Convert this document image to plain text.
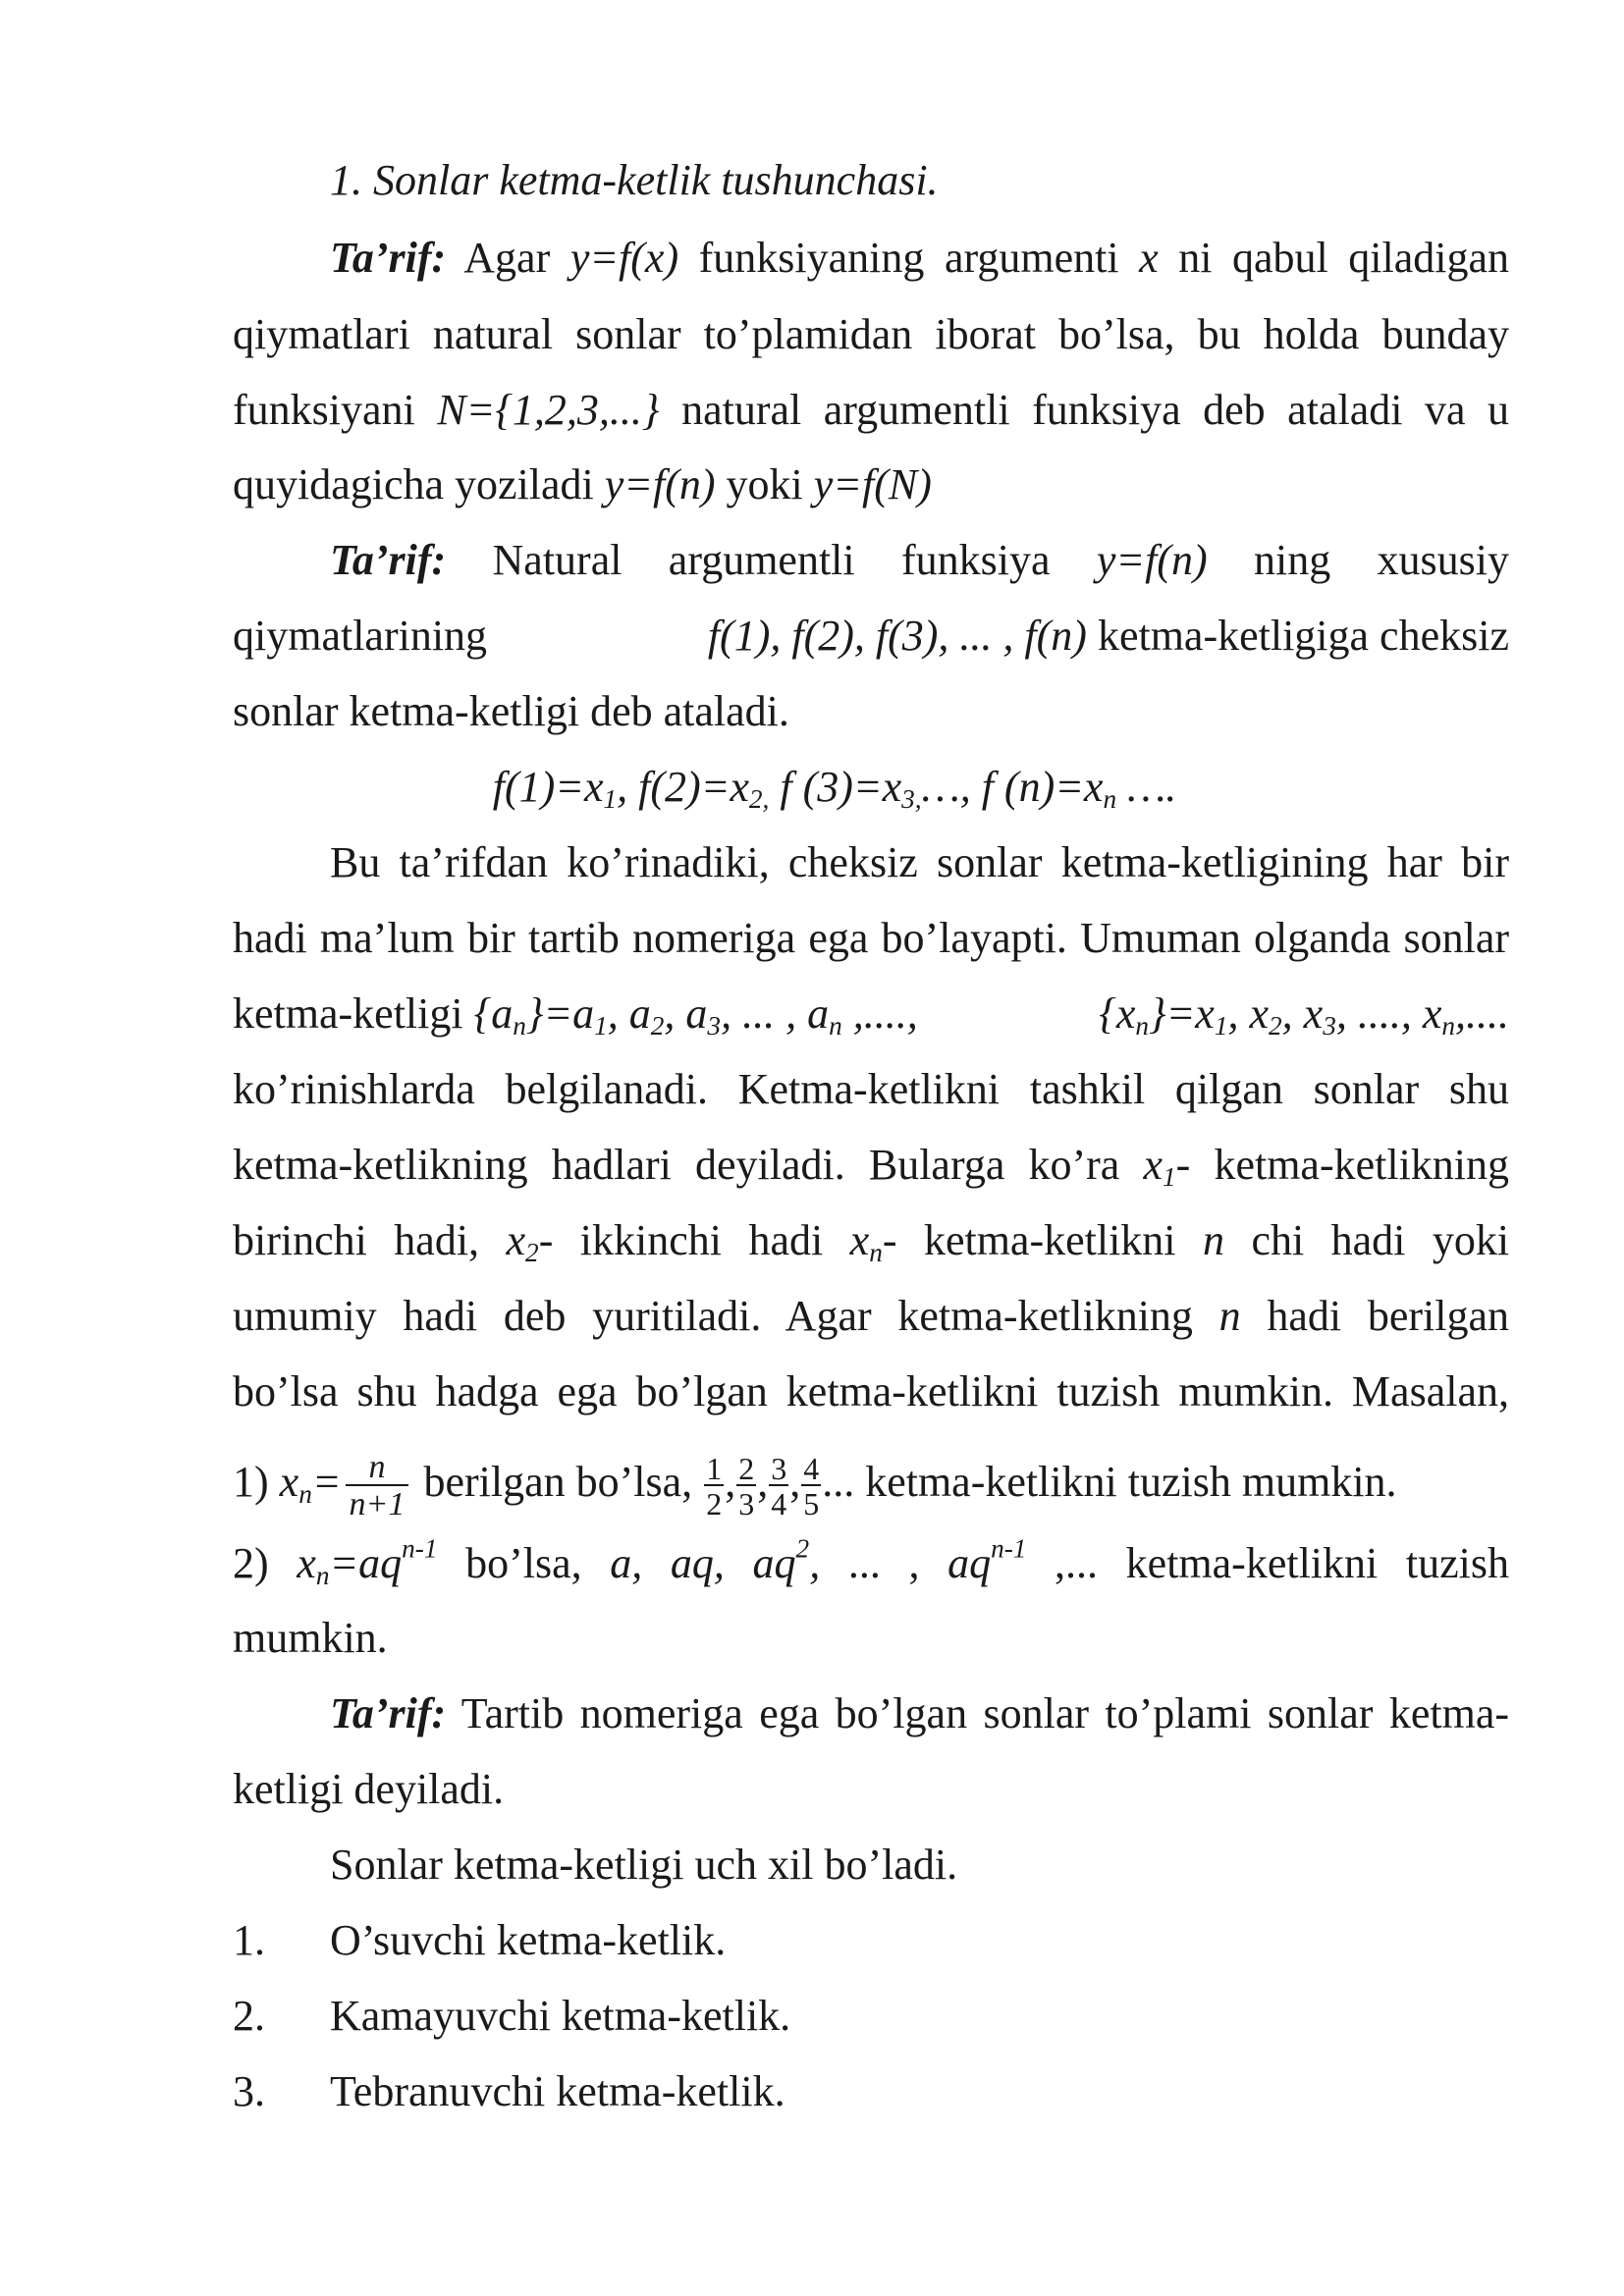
1. Sonlar ketma-ketlik tushunchasi.
Ta’rif: Agar y=f(x) funksiyaning argumenti x ni qabul qiladigan
qiymatlari natural sonlar to’plamidan iborat bo’lsa, bu holda bunday
funksiyani N={1,2,3,...} natural argumentli funksiya deb ataladi va u
quyidagicha yoziladi y=f(n) yoki y=f(N)
Ta’rif: Natural argumentli funksiya y=f(n) ning xususiy
qiymatlarining	f(1), f(2), f(3), ... , f(n) ketma-ketligiga cheksiz
sonlar ketma-ketligi deb ataladi.
$f(1)=x_1$, $f(2)=x_{2,}$ f $(3)=x_{3,}\dots$, f $(n)=x_n$ ….
Bu ta’rifdan ko’rinadiki, cheksiz sonlar ketma-ketligining har bir
hadi ma’lum bir tartib nomeriga ega bo’layapti. Umuman olganda sonlar
ketma-ketligi $\{a_n\}=a_1$, $a_2$, $a_3$, ... , $a_n$ ,....,	$\{x_n\}=x_1$, $x_2$, $x_3$, ...., $x_n$,....
ko’rinishlarda belgilanadi. Ketma-ketlikni tashkil qilgan sonlar shu
ketma-ketlikning hadlari deyiladi. Bularga ko’ra $x_1-$ ketma-ketlikning
birinchi hadi, $x_2-$ ikkinchi hadi $x_n-$ ketma-ketlikni n chi hadi yoki
umumiy hadi deb yuritiladi. Agar ketma-ketlikning n hadi berilgan
bo’lsa shu hadga ega bo’lgan ketma-ketlikni tuzish mumkin. Masalan,
1) $x_n= \frac{n}{n+1}$ berilgan bo’lsa, $\frac{1}{2}$ , $\frac{2}{3}$ , $\frac{3}{4}$ , $\frac{4}{5}$ ... ketma-ketlikni tuzish mumkin.
2) $x_n=aq^{n-1}$ bo’lsa, a, aq, $aq^2$, ... , $aq^{n-1}$ ,... ketma-ketlikni tuzish
mumkin.
Ta’rif: Tartib nomeriga ega bo’lgan sonlar to’plami sonlar ketma-
ketligi deyiladi.
Sonlar ketma-ketligi uch xil bo’ladi.
1. O’suvchi ketma-ketlik.
2. Kamayuvchi ketma-ketlik.
3. Tebranuvchi ketma-ketlik.
